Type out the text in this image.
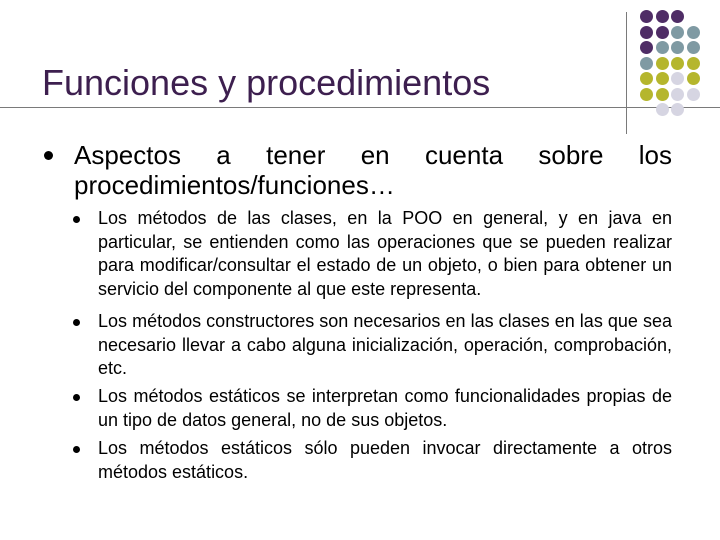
Funciones y procedimientos
Aspectos a tener en cuenta sobre los procedimientos/funciones…
Los métodos de las clases, en la POO en general, y en java en particular, se entienden como las operaciones que se pueden realizar para modificar/consultar el estado de un objeto, o bien para obtener un servicio del componente al que este representa.
Los métodos constructores son necesarios en las clases en las que sea necesario llevar a cabo alguna inicialización, operación, comprobación, etc.
Los métodos estáticos se interpretan como funcionalidades propias de un tipo de datos general, no de sus objetos.
Los métodos estáticos sólo pueden invocar directamente a otros métodos estáticos.
